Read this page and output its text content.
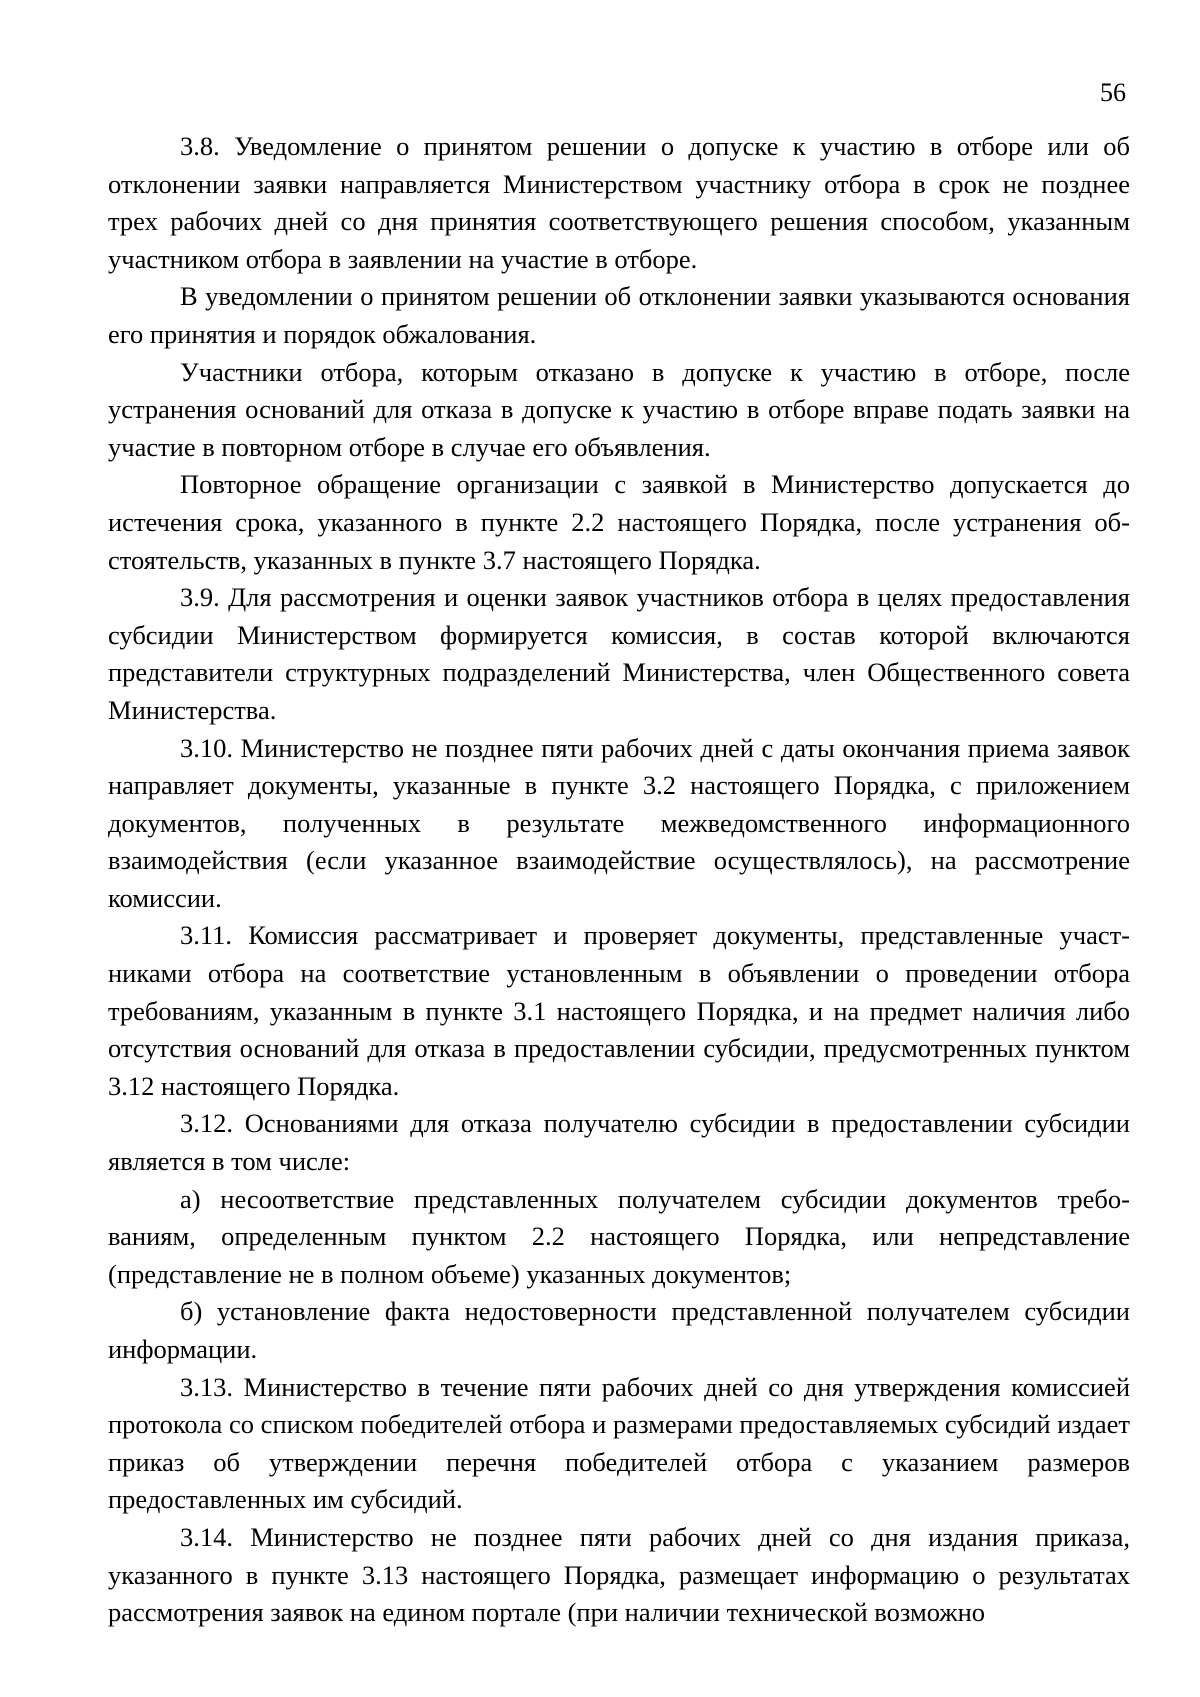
56

3.8. Уведомление о принятом решении о допуске к участию в отборе или об отклонении заявки направляется Министерством участнику отбора в срок не позднее трех рабочих дней со дня принятия соответствующего решения способом, указанным участником отбора в заявлении на участие в отборе.

В уведомлении о принятом решении об отклонении заявки указываются основания его принятия и порядок обжалования.

Участники отбора, которым отказано в допуске к участию в отборе, после устранения оснований для отказа в допуске к участию в отборе вправе подать заявки на участие в повторном отборе в случае его объявления.

Повторное обращение организации с заявкой в Министерство допускается до истечения срока, указанного в пункте 2.2 настоящего Порядка, после устранения обстоятельств, указанных в пункте 3.7 настоящего Порядка.

3.9. Для рассмотрения и оценки заявок участников отбора в целях предоставления субсидии Министерством формируется комиссия, в состав которой включаются представители структурных подразделений Министерства, член Общественного совета Министерства.

3.10. Министерство не позднее пяти рабочих дней с даты окончания приема заявок направляет документы, указанные в пункте 3.2 настоящего Порядка, с приложением документов, полученных в результате межведомственного информационного взаимодействия (если указанное взаимодействие осуществлялось), на рассмотрение комиссии.

3.11. Комиссия рассматривает и проверяет документы, представленные участниками отбора на соответствие установленным в объявлении о проведении отбора требованиям, указанным в пункте 3.1 настоящего Порядка, и на предмет наличия либо отсутствия оснований для отказа в предоставлении субсидии, предусмотренных пунктом 3.12 настоящего Порядка.

3.12. Основаниями для отказа получателю субсидии в предоставлении субсидии является в том числе:

а) несоответствие представленных получателем субсидии документов требованиям, определенным пунктом 2.2 настоящего Порядка, или непредставление (представление не в полном объеме) указанных документов;

б) установление факта недостоверности представленной получателем субсидии информации.

3.13. Министерство в течение пяти рабочих дней со дня утверждения комиссией протокола со списком победителей отбора и размерами предоставляемых субсидий издает приказ об утверждении перечня победителей отбора с указанием размеров предоставленных им субсидий.

3.14. Министерство не позднее пяти рабочих дней со дня издания приказа, указанного в пункте 3.13 настоящего Порядка, размещает информацию о результатах рассмотрения заявок на едином портале (при наличии технической возможно
